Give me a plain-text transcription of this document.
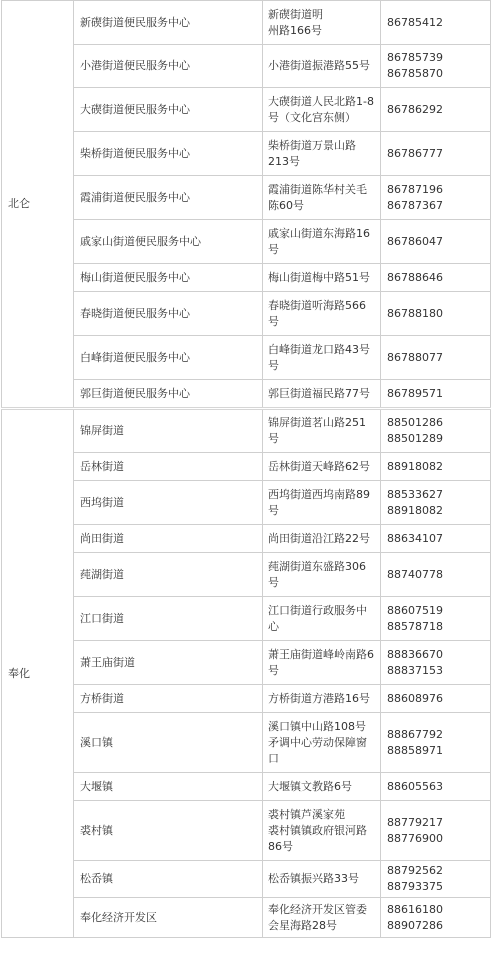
北仑	新碶街道便民服务中心	新碶街道明
州路166号	86785412

	小港街道便民服务中心	小港街道振港路55号	86785739
86785870

	大碶街道便民服务中心	大碶街道人民北路1-8
号（文化宫东侧）	86786292

	柴桥街道便民服务中心	柴桥街道万景山路
213号	86786777

	霞浦街道便民服务中心	霞浦街道陈华村关毛
陈60号	86787196
86787367

	戚家山街道便民服务中心	戚家山街道东海路16
号	86786047

	梅山街道便民服务中心	梅山街道梅中路51号	86788646

	春晓街道便民服务中心	春晓街道听海路566
号	86788180

	白峰街道便民服务中心	白峰街道龙口路43号
号	86788077

	郭巨街道便民服务中心	郭巨街道福民路77号	86789571
奉化	锦屏街道	锦屏街道茗山路251
号	88501286
88501289

	岳林街道	岳林街道天峰路62号	88918082

	西坞街道	西坞街道西坞南路89
号	88533627
88918082

	尚田街道	尚田街道沿江路22号	88634107

	莼湖街道	莼湖街道东盛路306
号	88740778

	江口街道	江口街道行政服务中
心	88607519
88578718

	萧王庙街道	萧王庙街道峰岭南路6
号	88836670
88837153

	方桥街道	方桥街道方港路16号	88608976

	溪口镇	溪口镇中山路108号
矛调中心劳动保障窗
口	88867792
88858971

	大堰镇	大堰镇文教路6号	88605563

	裘村镇	裘村镇芦溪家苑
裘村镇镇政府银河路
86号	88779217
88776900

	松岙镇	松岙镇振兴路33号	88792562
88793375

	奉化经济开发区	奉化经济开发区管委
会星海路28号	88616180
88907286
